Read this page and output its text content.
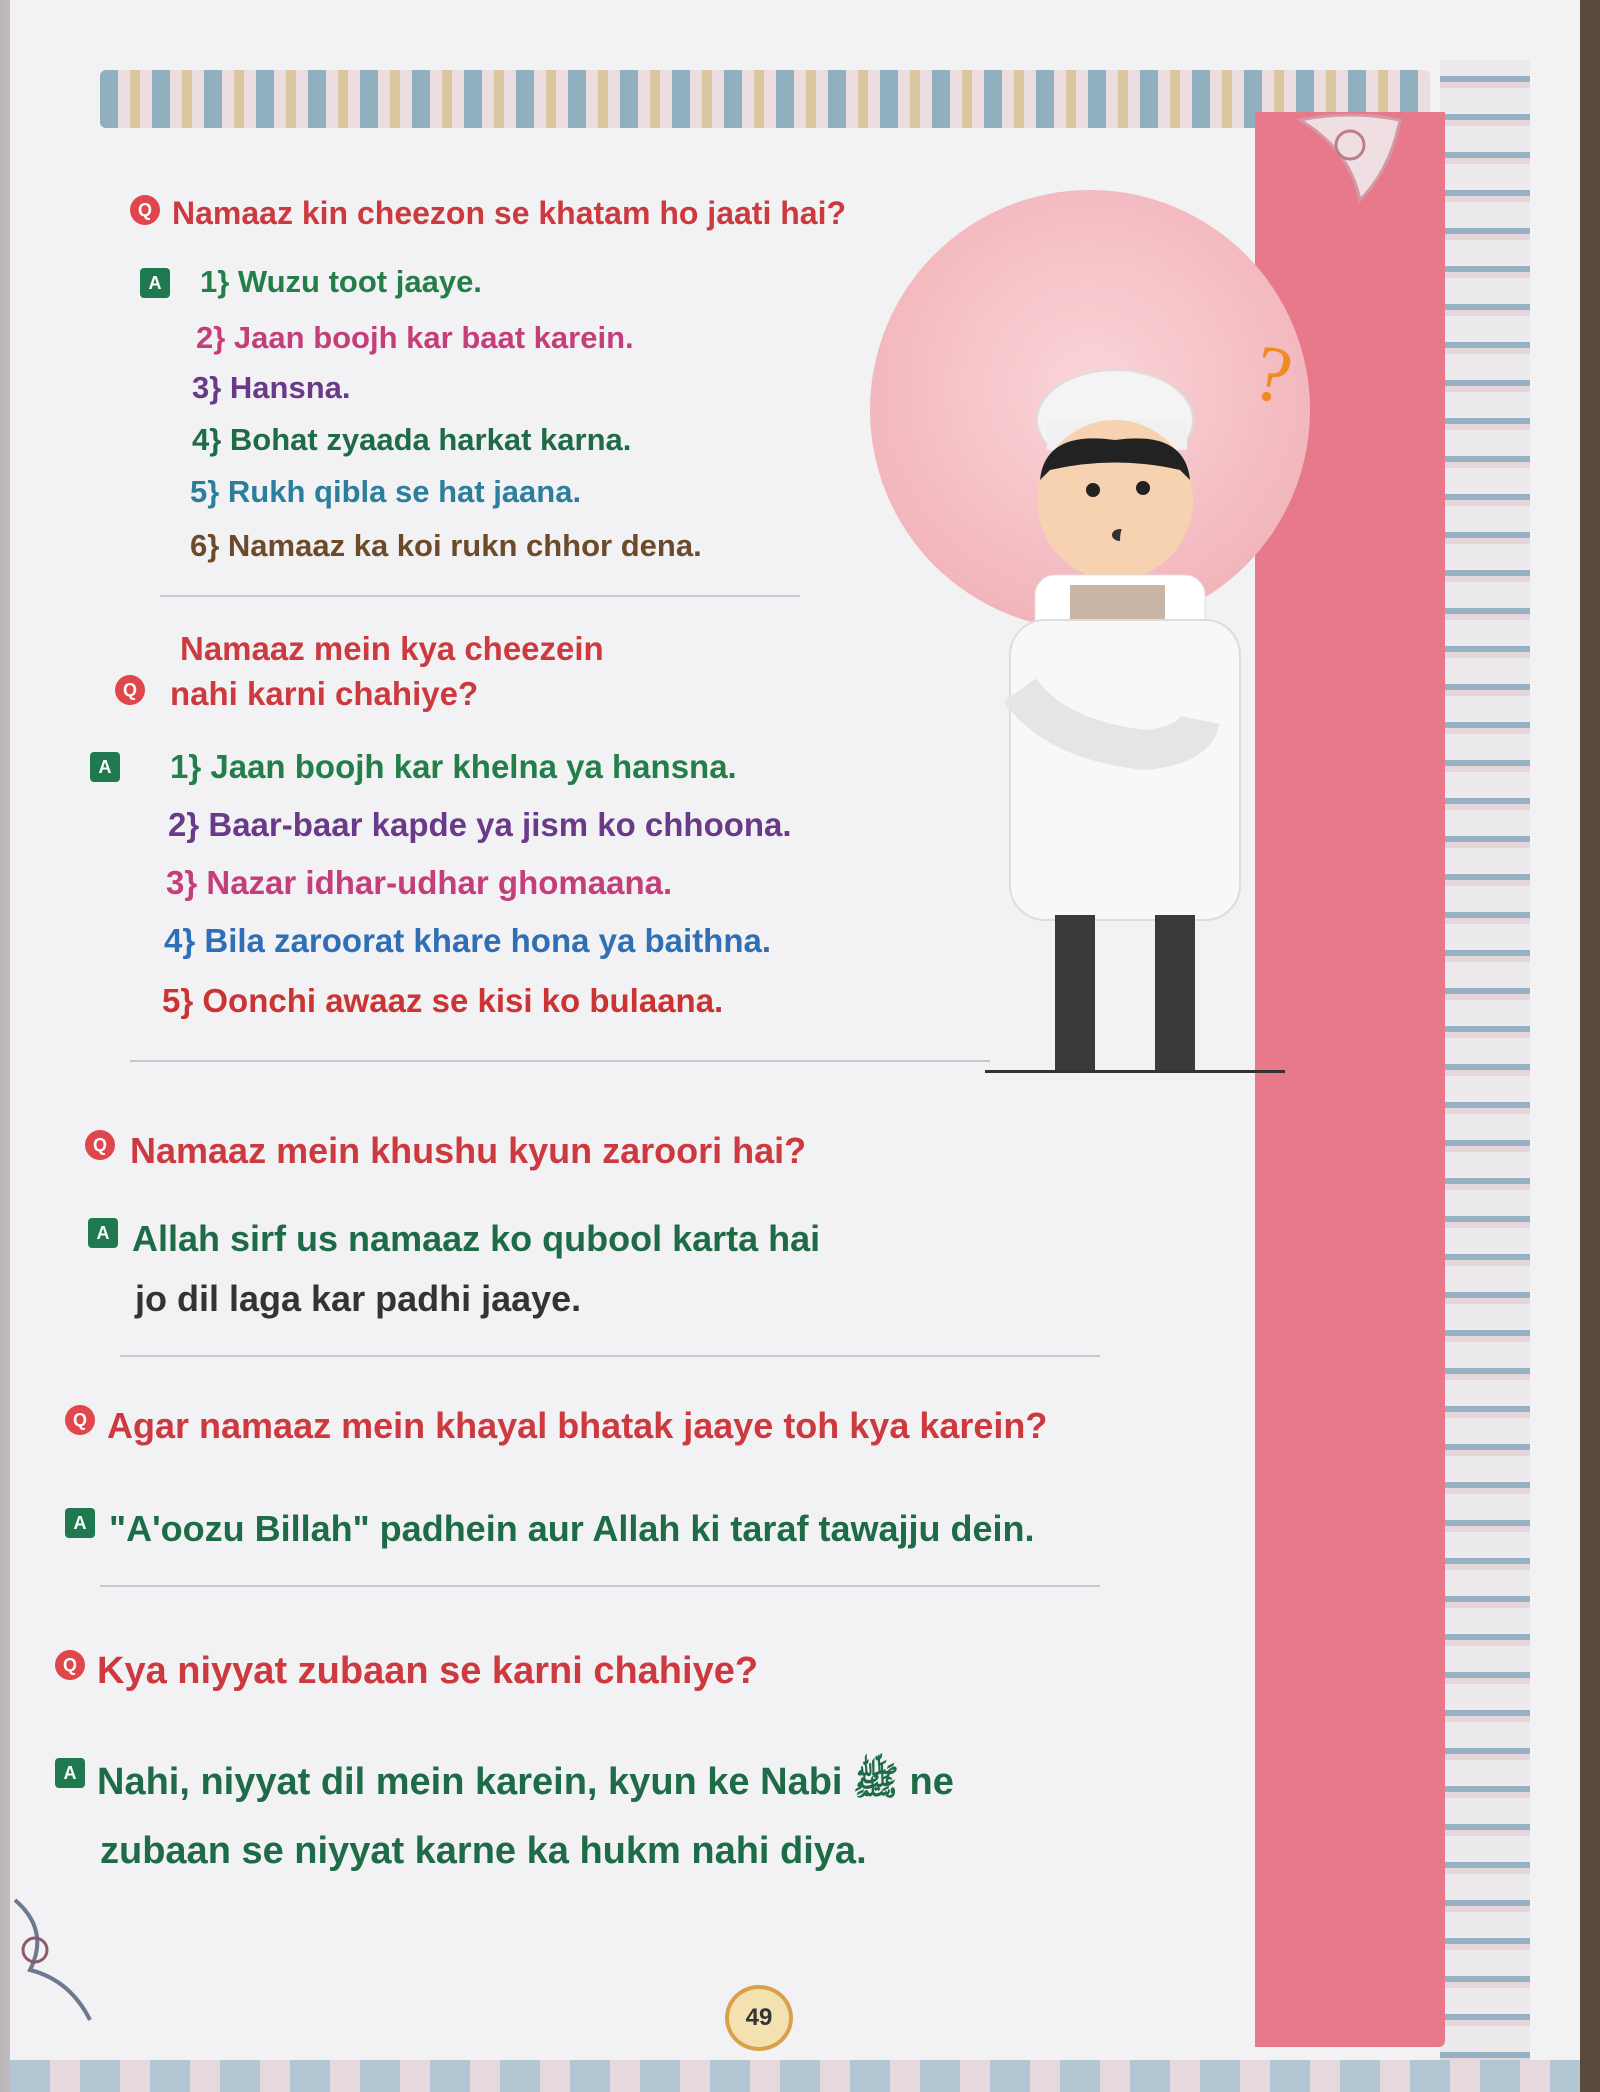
?
Q Namaaz kin cheezon se khatam ho jaati hai?
A 1} Wuzu toot jaaye.
2} Jaan boojh kar baat karein.
3} Hansna.
4} Bohat zyaada harkat karna.
5} Rukh qibla se hat jaana.
6} Namaaz ka koi rukn chhor dena.
Namaaz mein kya cheezein
Q nahi karni chahiye?
A 1} Jaan boojh kar khelna ya hansna.
2} Baar-baar kapde ya jism ko chhoona.
3} Nazar idhar-udhar ghomaana.
4} Bila zaroorat khare hona ya baithna.
5} Oonchi awaaz se kisi ko bulaana.
Q Namaaz mein khushu kyun zaroori hai?
A Allah sirf us namaaz ko qubool karta hai
jo dil laga kar padhi jaaye.
Q Agar namaaz mein khayal bhatak jaaye toh kya karein?
A "A'oozu Billah" padhein aur Allah ki taraf tawajju dein.
Q Kya niyyat zubaan se karni chahiye?
A Nahi, niyyat dil mein karein, kyun ke Nabi ﷺ ne
zubaan se niyyat karne ka hukm nahi diya.
49
